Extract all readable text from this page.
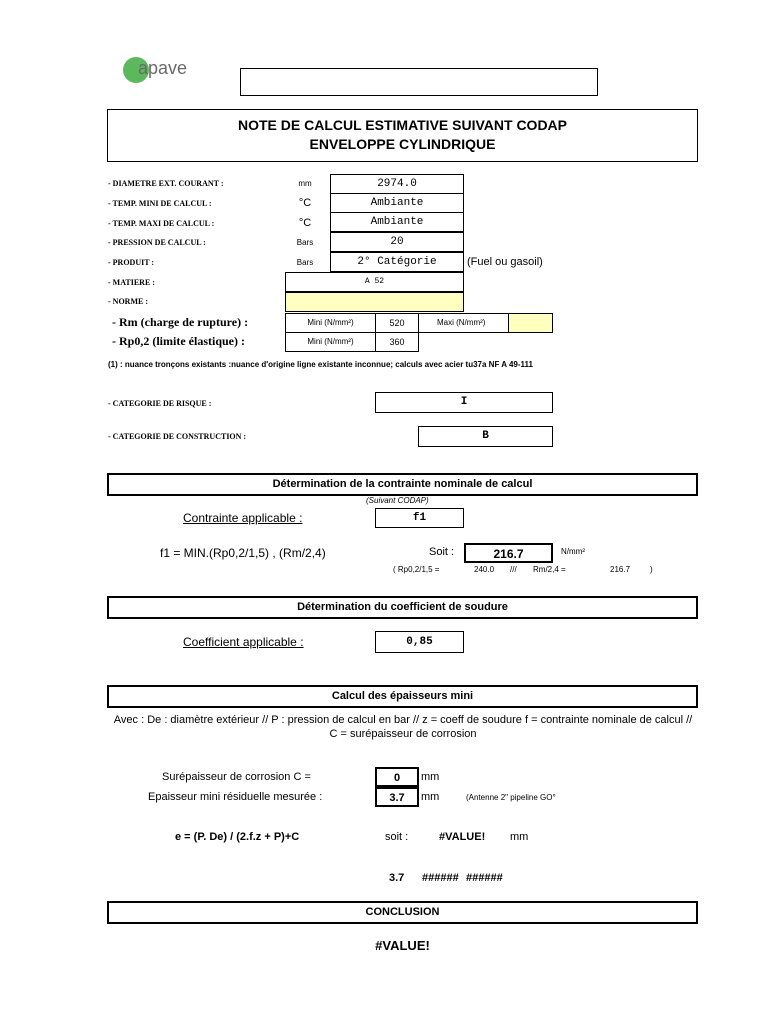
apave
NOTE DE CALCUL ESTIMATIVE SUIVANT CODAP
ENVELOPPE CYLINDRIQUE
- DIAMETRE EXT. COURANT :	mm	2974.0
- TEMP. MINI DE CALCUL :	°C	Ambiante
- TEMP. MAXI DE CALCUL :	°C	Ambiante
- PRESSION DE CALCUL :	Bars	20
- PRODUIT :	Bars	2° Catégorie	(Fuel ou gasoil)
- MATIERE :	A 52
- NORME :
- Rm (charge de rupture) :	Mini (N/mm²)	520	Maxi (N/mm²)
- Rp0,2 (limite élastique) :	Mini (N/mm²)	360
(1) : nuance tronçons existants :nuance d'origine ligne existante inconnue; calculs avec acier tu37a NF A 49-111
- CATEGORIE DE RISQUE :	I
- CATEGORIE DE CONSTRUCTION :	B
Détermination de la contrainte nominale de calcul
(Suivant CODAP)
Contrainte applicable :	f1
f1 = MIN.(Rp0,2/1,5) , (Rm/2,4)	Soit :	216.7	N/mm²
( Rp0,2/1,5 =	240.0 /// Rm/2,4 =	216.7 )
Détermination du coefficient de soudure
Coefficient applicable :	0,85
Calcul des épaisseurs mini
Avec : De : diamètre extérieur // P : pression de calcul en bar // z = coeff de soudure f = contrainte nominale de calcul // C = surépaisseur de corrosion
Surépaisseur de corrosion C =	0	mm
Epaisseur mini résiduelle mesurée :	3.7	mm	(Antenne 2" pipeline GO°
e = (P. De) / (2.f.z + P)+C	soit :	#VALUE! mm
3.7 ###### ######
CONCLUSION
#VALUE!
